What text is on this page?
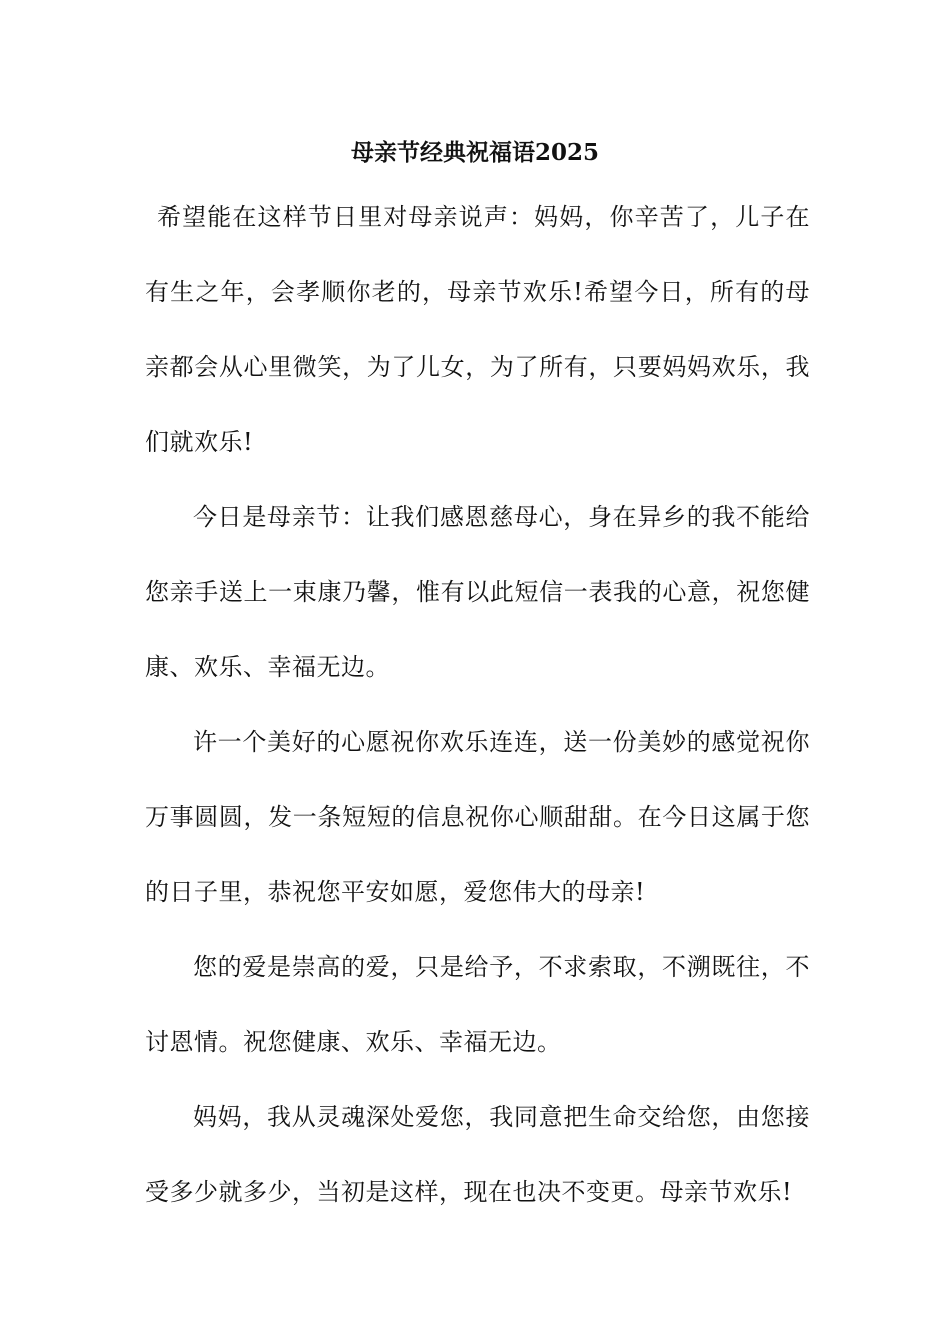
母亲节经典祝福语2025

希望能在这样节日里对母亲说声：妈妈，你辛苦了，儿子在有生之年，会孝顺你老的，母亲节欢乐!希望今日，所有的母亲都会从心里微笑，为了儿女，为了所有，只要妈妈欢乐，我们就欢乐!

今日是母亲节：让我们感恩慈母心，身在异乡的我不能给您亲手送上一束康乃馨，惟有以此短信一表我的心意，祝您健康、欢乐、幸福无边。

许一个美好的心愿祝你欢乐连连，送一份美妙的感觉祝你万事圆圆，发一条短短的信息祝你心顺甜甜。在今日这属于您的日子里，恭祝您平安如愿，爱您伟大的母亲!

您的爱是崇高的爱，只是给予，不求索取，不溯既往，不讨恩情。祝您健康、欢乐、幸福无边。

妈妈，我从灵魂深处爱您，我同意把生命交给您，由您接受多少就多少，当初是这样，现在也决不变更。母亲节欢乐!
